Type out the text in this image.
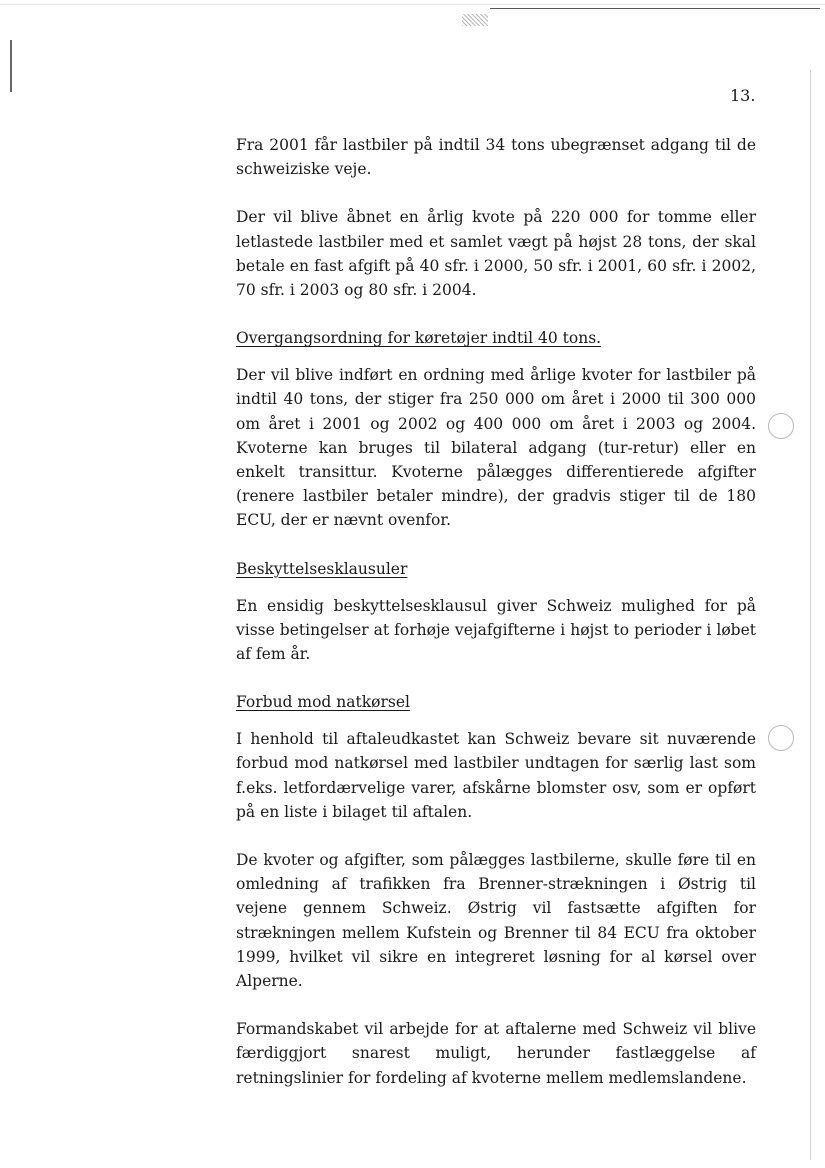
13.

Fra 2001 får lastbiler på indtil 34 tons ubegrænset adgang til de schweiziske veje.

Der vil blive åbnet en årlig kvote på 220 000 for tomme eller letlastede lastbiler med et samlet vægt på højst 28 tons, der skal betale en fast afgift på 40 sfr. i 2000, 50 sfr. i 2001, 60 sfr. i 2002, 70 sfr. i 2003 og 80 sfr. i 2004.

Overgangsordning for køretøjer indtil 40 tons.

Der vil blive indført en ordning med årlige kvoter for lastbiler på indtil 40 tons, der stiger fra 250 000 om året i 2000 til 300 000 om året i 2001 og 2002 og 400 000 om året i 2003 og 2004. Kvoterne kan bruges til bilateral adgang (tur-retur) eller en enkelt transittur. Kvoterne pålægges differentierede afgifter (renere lastbiler betaler mindre), der gradvis stiger til de 180 ECU, der er nævnt ovenfor.

Beskyttelsesklausuler

En ensidig beskyttelsesklausul giver Schweiz mulighed for på visse betingelser at forhøje vejafgifterne i højst to perioder i løbet af fem år.

Forbud mod natkørsel

I henhold til aftaleudkastet kan Schweiz bevare sit nuværende forbud mod natkørsel med lastbiler undtagen for særlig last som f.eks. letfordærvelige varer, afskårne blomster osv, som er opført på en liste i bilaget til aftalen.

De kvoter og afgifter, som pålægges lastbilerne, skulle føre til en omledning af trafikken fra Brenner-strækningen i Østrig til vejene gennem Schweiz. Østrig vil fastsætte afgiften for strækningen mellem Kufstein og Brenner til 84 ECU fra oktober 1999, hvilket vil sikre en integreret løsning for al kørsel over Alperne.

Formandskabet vil arbejde for at aftalerne med Schweiz vil blive færdiggjort snarest muligt, herunder fastlæggelse af retningslinier for fordeling af kvoterne mellem medlemslandene.
